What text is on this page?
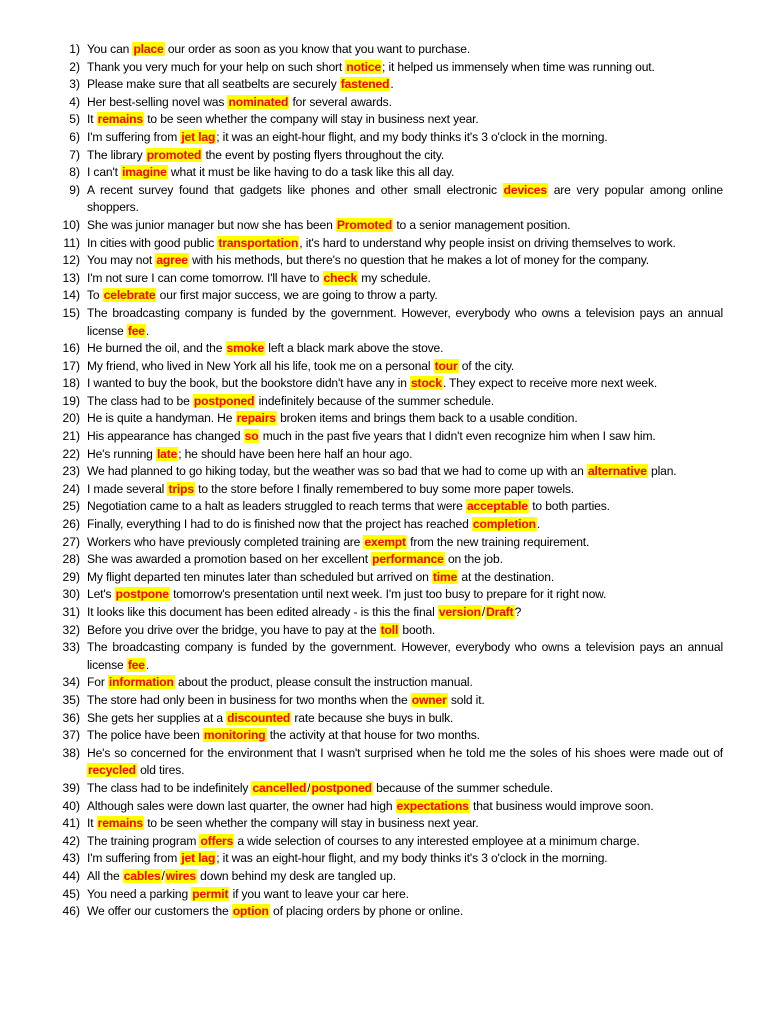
1) You can place our order as soon as you know that you want to purchase.
2) Thank you very much for your help on such short notice; it helped us immensely when time was running out.
3) Please make sure that all seatbelts are securely fastened.
4) Her best-selling novel was nominated for several awards.
5) It remains to be seen whether the company will stay in business next year.
6) I'm suffering from jet lag; it was an eight-hour flight, and my body thinks it's 3 o'clock in the morning.
7) The library promoted the event by posting flyers throughout the city.
8) I can't imagine what it must be like having to do a task like this all day.
9) A recent survey found that gadgets like phones and other small electronic devices are very popular among online shoppers.
10) She was junior manager but now she has been Promoted to a senior management position.
11) In cities with good public transportation, it's hard to understand why people insist on driving themselves to work.
12) You may not agree with his methods, but there's no question that he makes a lot of money for the company.
13) I'm not sure I can come tomorrow. I'll have to check my schedule.
14) To celebrate our first major success, we are going to throw a party.
15) The broadcasting company is funded by the government. However, everybody who owns a television pays an annual license fee.
16) He burned the oil, and the smoke left a black mark above the stove.
17) My friend, who lived in New York all his life, took me on a personal tour of the city.
18) I wanted to buy the book, but the bookstore didn't have any in stock. They expect to receive more next week.
19) The class had to be postponed indefinitely because of the summer schedule.
20) He is quite a handyman. He repairs broken items and brings them back to a usable condition.
21) His appearance has changed so much in the past five years that I didn't even recognize him when I saw him.
22) He's running late; he should have been here half an hour ago.
23) We had planned to go hiking today, but the weather was so bad that we had to come up with an alternative plan.
24) I made several trips to the store before I finally remembered to buy some more paper towels.
25) Negotiation came to a halt as leaders struggled to reach terms that were acceptable to both parties.
26) Finally, everything I had to do is finished now that the project has reached completion.
27) Workers who have previously completed training are exempt from the new training requirement.
28) She was awarded a promotion based on her excellent performance on the job.
29) My flight departed ten minutes later than scheduled but arrived on time at the destination.
30) Let's postpone tomorrow's presentation until next week. I'm just too busy to prepare for it right now.
31) It looks like this document has been edited already - is this the final version/Draft?
32) Before you drive over the bridge, you have to pay at the toll booth.
33) The broadcasting company is funded by the government. However, everybody who owns a television pays an annual license fee.
34) For information about the product, please consult the instruction manual.
35) The store had only been in business for two months when the owner sold it.
36) She gets her supplies at a discounted rate because she buys in bulk.
37) The police have been monitoring the activity at that house for two months.
38) He's so concerned for the environment that I wasn't surprised when he told me the soles of his shoes were made out of recycled old tires.
39) The class had to be indefinitely cancelled/postponed because of the summer schedule.
40) Although sales were down last quarter, the owner had high expectations that business would improve soon.
41) It remains to be seen whether the company will stay in business next year.
42) The training program offers a wide selection of courses to any interested employee at a minimum charge.
43) I'm suffering from jet lag; it was an eight-hour flight, and my body thinks it's 3 o'clock in the morning.
44) All the cables/wires down behind my desk are tangled up.
45) You need a parking permit if you want to leave your car here.
46) We offer our customers the option of placing orders by phone or online.
